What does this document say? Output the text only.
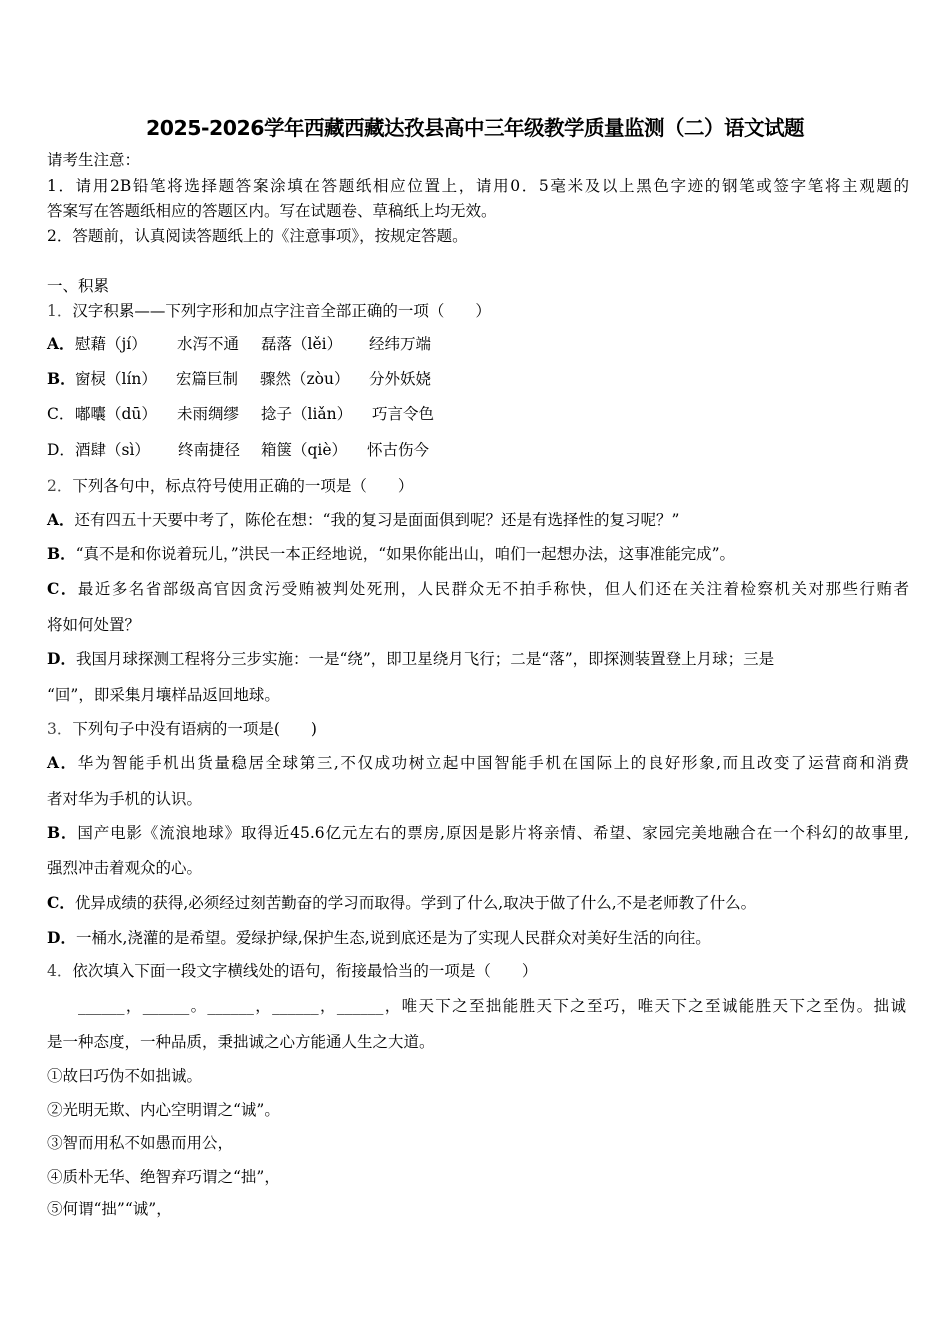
2025-2026学年西藏西藏达孜县高中三年级教学质量监测（二）语文试题
请考生注意：
1．请用2B铅笔将选择题答案涂填在答题纸相应位置上，请用0．5毫米及以上黑色字迹的钢笔或签字笔将主观题的
答案写在答题纸相应的答题区内。写在试题卷、草稿纸上均无效。
2．答题前，认真阅读答题纸上的《注意事项》，按规定答题。
一、积累
1．汉字积累——下列字形和加点字注音全部正确的一项（　　）
A． 慰藉（jí） 水泻不通 磊落（lěi） 经纬万端
B． 窗棂（lín） 宏篇巨制 骤然（zòu） 分外妖娆
C． 嘟囔（dū） 未雨绸缪 捻子（liǎn） 巧言令色
D． 酒肆（sì） 终南捷径 箱箧（qiè） 怀古伤今
2．下列各句中，标点符号使用正确的一项是（　　）
A．还有四五十天要中考了，陈伦在想：“我的复习是面面俱到呢？还是有选择性的复习呢？”
B．“真不是和你说着玩儿，”洪民一本正经地说，“如果你能出山，咱们一起想办法，这事准能完成”。
C．最近多名省部级高官因贪污受贿被判处死刑，人民群众无不拍手称快，但人们还在关注着检察机关对那些行贿者
将如何处置？
D．我国月球探测工程将分三步实施：一是“绕”，即卫星绕月飞行；二是“落”，即探测装置登上月球；三是
“回”，即采集月壤样品返回地球。
3．下列句子中没有语病的一项是(　　)
A．华为智能手机出货量稳居全球第三,不仅成功树立起中国智能手机在国际上的良好形象,而且改变了运营商和消费
者对华为手机的认识。
B．国产电影《流浪地球》取得近45.6亿元左右的票房,原因是影片将亲情、希望、家园完美地融合在一个科幻的故事里,
强烈冲击着观众的心。
C．优异成绩的获得,必须经过刻苦勤奋的学习而取得。学到了什么,取决于做了什么,不是老师教了什么。
D．一桶水,浇灌的是希望。爱绿护绿,保护生态,说到底还是为了实现人民群众对美好生活的向往。
4．依次填入下面一段文字横线处的语句，衔接最恰当的一项是（　　）
______，______。______，______，______，唯天下之至拙能胜天下之至巧，唯天下之至诚能胜天下之至伪。拙诚
是一种态度，一种品质，秉拙诚之心方能通人生之大道。
①故曰巧伪不如拙诚。
②光明无欺、内心空明谓之“诚”。
③智而用私不如愚而用公，
④质朴无华、绝智弃巧谓之“拙”，
⑤何谓“拙”“诚”，
